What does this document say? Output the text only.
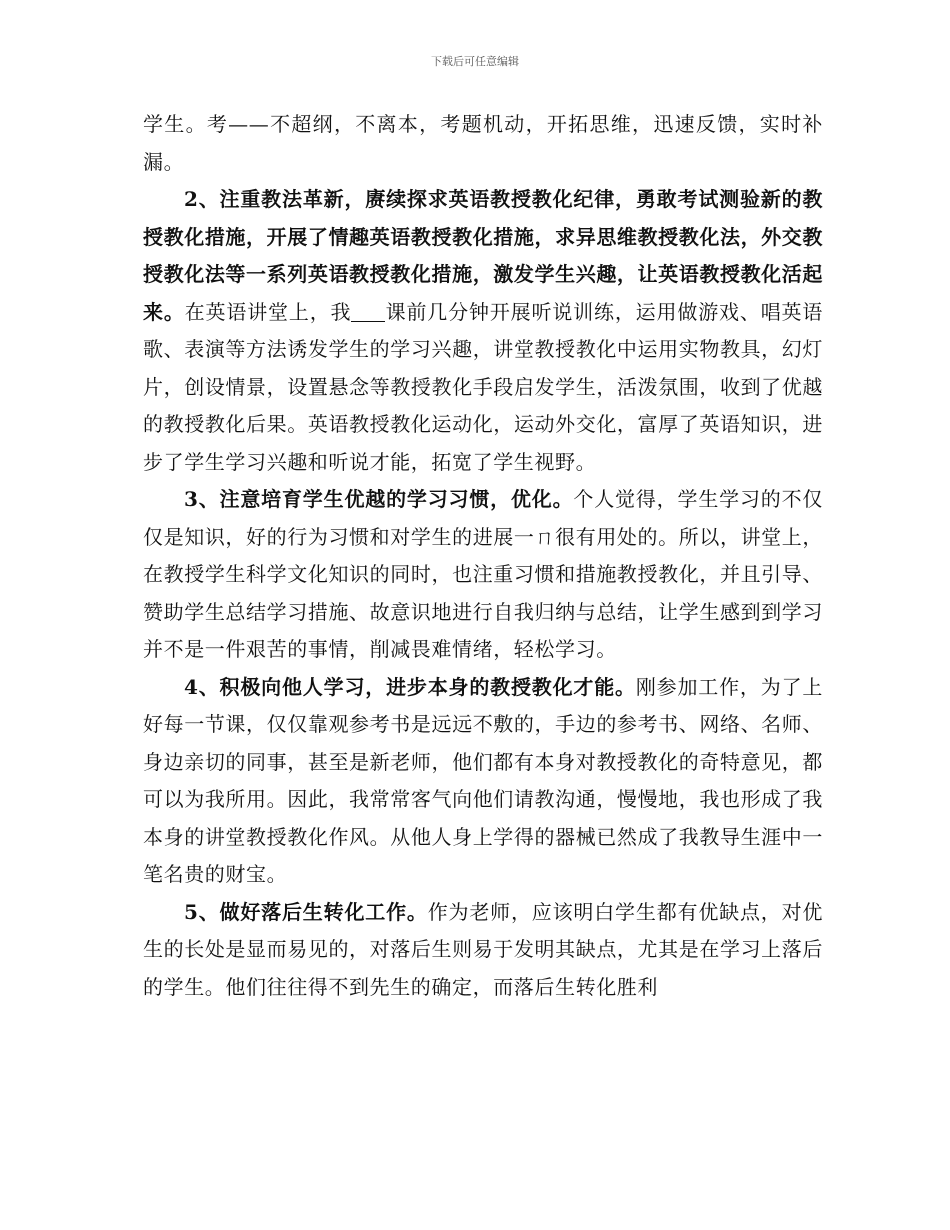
下载后可任意编辑

学生。考——不超纲，不离本，考题机动，开拓思维，迅速反馈，实时补漏。

2、注重教法革新，赓续探求英语教授教化纪律，勇敢考试测验新的教授教化措施，开展了情趣英语教授教化措施，求异思维教授教化法，外交教授教化法等一系列英语教授教化措施，激发学生兴趣，让英语教授教化活起来。在英语讲堂上，我 课前几分钟开展听说训练，运用做游戏、唱英语歌、表演等方法诱发学生的学习兴趣，讲堂教授教化中运用实物教具，幻灯片，创设情景，设置悬念等教授教化手段启发学生，活泼氛围，收到了优越的教授教化后果。英语教授教化运动化，运动外交化，富厚了英语知识，进步了学生学习兴趣和听说才能，拓宽了学生视野。

3、注意培育学生优越的学习习惯，优化。个人觉得，学生学习的不仅仅是知识，好的行为习惯和对学生的进展一ㄇ很有用处的。所以，讲堂上，在教授学生科学文化知识的同时，也注重习惯和措施教授教化，并且引导、赞助学生总结学习措施、故意识地进行自我归纳与总结，让学生感到到学习并不是一件艰苦的事情，削减畏难情绪，轻松学习。

4、积极向他人学习，进步本身的教授教化才能。刚参加工作，为了上好每一节课，仅仅靠观参考书是远远不敷的，手边的参考书、网络、名师、身边亲切的同事，甚至是新老师，他们都有本身对教授教化的奇特意见，都可以为我所用。因此，我常常客气向他们请教沟通，慢慢地，我也形成了我本身的讲堂教授教化作风。从他人身上学得的器械已然成了我教导生涯中一笔名贵的财宝。

5、做好落后生转化工作。作为老师，应该明白学生都有优缺点，对优生的长处是显而易见的，对落后生则易于发明其缺点，尤其是在学习上落后的学生。他们往往得不到先生的确定，而落后生转化胜利
